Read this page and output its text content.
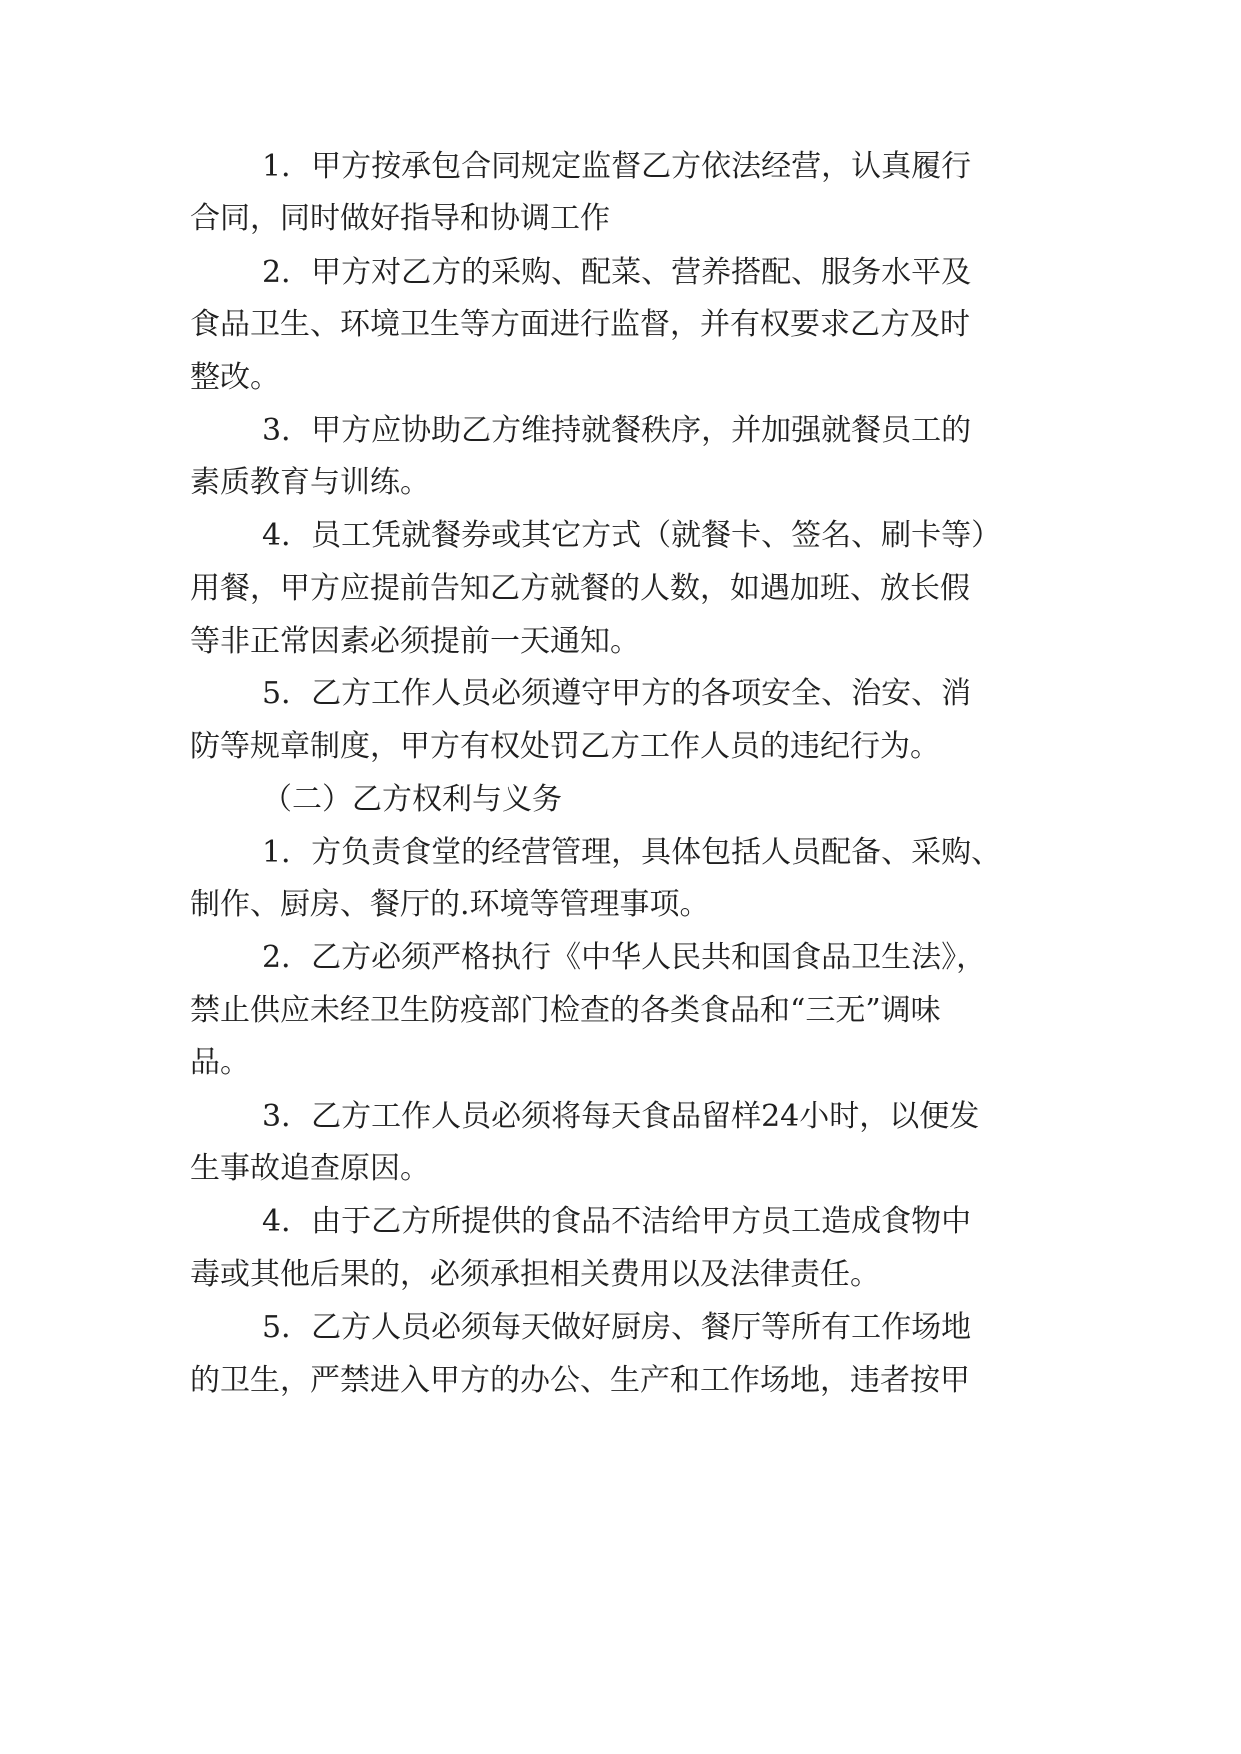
1．甲方按承包合同规定监督乙方依法经营，认真履行
合同，同时做好指导和协调工作
2．甲方对乙方的采购、配菜、营养搭配、服务水平及
食品卫生、环境卫生等方面进行监督，并有权要求乙方及时
整改。
3．甲方应协助乙方维持就餐秩序，并加强就餐员工的
素质教育与训练。
4．员工凭就餐券或其它方式（就餐卡、签名、刷卡等）
用餐，甲方应提前告知乙方就餐的人数，如遇加班、放长假
等非正常因素必须提前一天通知。
5．乙方工作人员必须遵守甲方的各项安全、治安、消
防等规章制度，甲方有权处罚乙方工作人员的违纪行为。
（二）乙方权利与义务
1．方负责食堂的经营管理，具体包括人员配备、采购、
制作、厨房、餐厅的.环境等管理事项。
2．乙方必须严格执行《中华人民共和国食品卫生法》，
禁止供应未经卫生防疫部门检查的各类食品和“三无”调味
品。
3．乙方工作人员必须将每天食品留样24小时，以便发
生事故追查原因。
4．由于乙方所提供的食品不洁给甲方员工造成食物中
毒或其他后果的，必须承担相关费用以及法律责任。
5．乙方人员必须每天做好厨房、餐厅等所有工作场地
的卫生，严禁进入甲方的办公、生产和工作场地，违者按甲
